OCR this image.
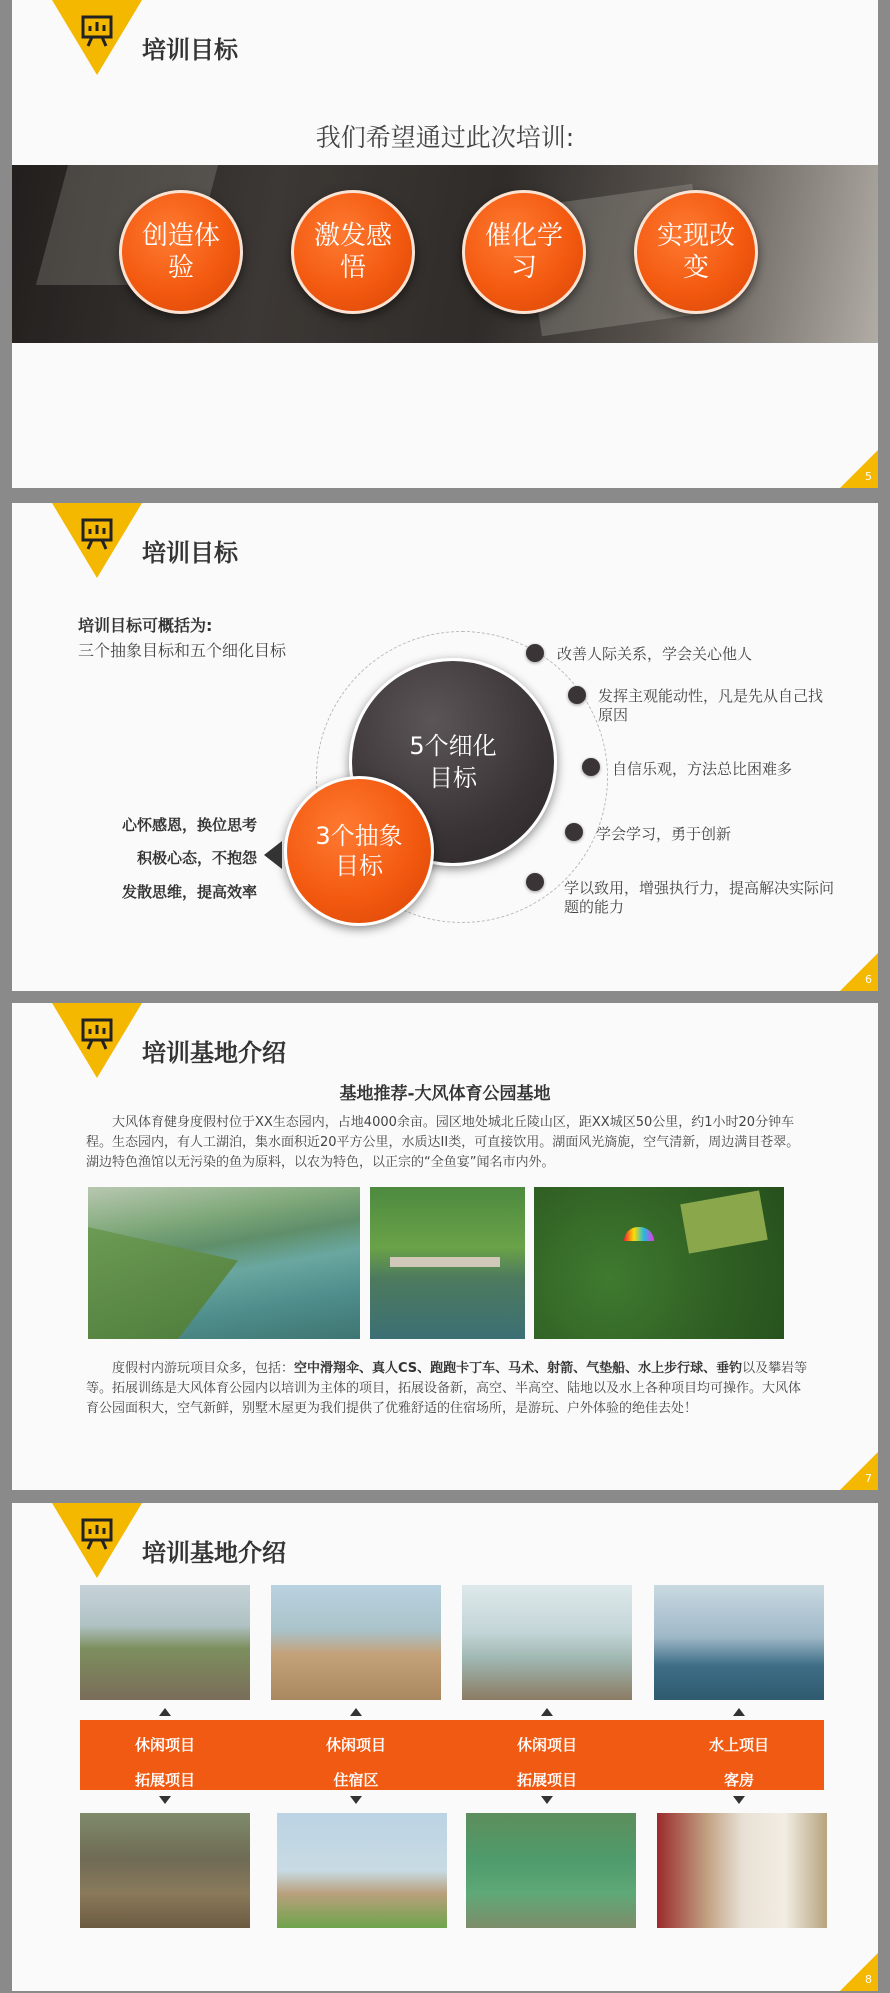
培训目标
我们希望通过此次培训:
创造体验
激发感悟
催化学习
实现改变
5
培训目标
培训目标可概括为:
三个抽象目标和五个细化目标
5个细化目标
3个抽象目标
心怀感恩，换位思考
积极心态，不抱怨
发散思维，提高效率
改善人际关系，学会关心他人
发挥主观能动性，凡是先从自己找原因
自信乐观，方法总比困难多
学会学习，勇于创新
学以致用，增强执行力，提高解决实际问题的能力
6
培训基地介绍
基地推荐-大风体育公园基地

大风体育健身度假村位于XX生态园内，占地4000余亩。园区地处城北丘陵山区，距XX城区50公里，约1小时20分钟车程。生态园内，有人工湖泊，集水面积近20平方公里，水质达II类，可直接饮用。湖面风光旖旎，空气清新，周边满目苍翠。湖边特色渔馆以无污染的鱼为原料，以农为特色，以正宗的“全鱼宴”闻名市内外。

度假村内游玩项目众多，包括：空中滑翔伞、真人CS、跑跑卡丁车、马术、射箭、气垫船、水上步行球、垂钓以及攀岩等等。拓展训练是大风体育公园内以培训为主体的项目，拓展设备新，高空、半高空、陆地以及水上各种项目均可操作。大风体育公园面积大，空气新鲜，别墅木屋更为我们提供了优雅舒适的住宿场所，是游玩、户外体验的绝佳去处！

7
培训基地介绍
休闲项目	休闲项目	休闲项目	水上项目
拓展项目	住宿区	拓展项目	客房
8
